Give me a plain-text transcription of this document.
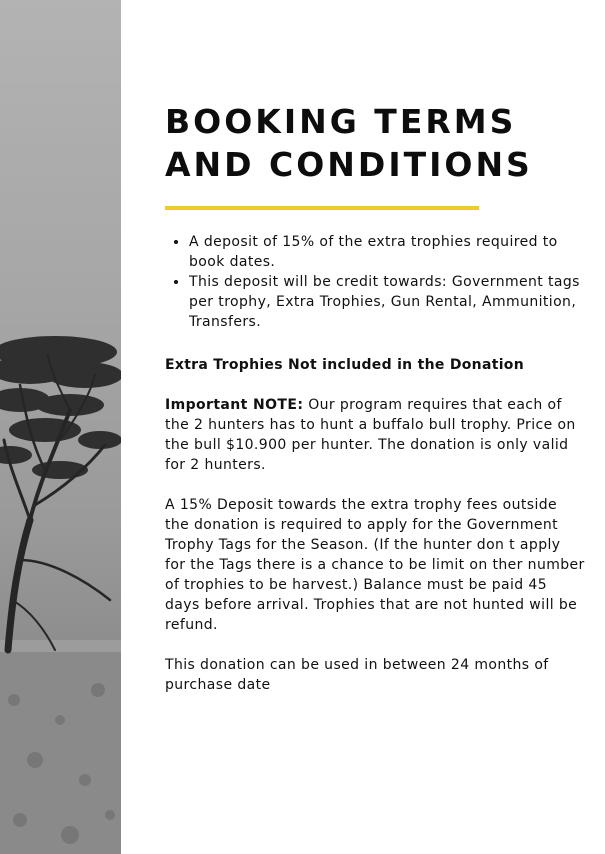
BOOKING TERMS
AND CONDITIONS
• A deposit of 15% of the extra trophies required to book dates.
• This deposit will be credit towards: Government tags per trophy, Extra Trophies, Gun Rental, Ammunition, Transfers.
Extra Trophies Not included in the Donation

Important NOTE: Our program requires that each of the 2 hunters has to hunt a buffalo bull trophy. Price on the bull $10.900 per hunter. The donation is only valid for 2 hunters.

A 15% Deposit towards the extra trophy fees outside the donation is required to apply for the Government Trophy Tags for the Season. (If the hunter don t apply for the Tags there is a chance to be limit on ther number of trophies to be harvest.) Balance must be paid 45 days before arrival. Trophies that are not hunted will be refund.

This donation can be used in between 24 months of purchase date
